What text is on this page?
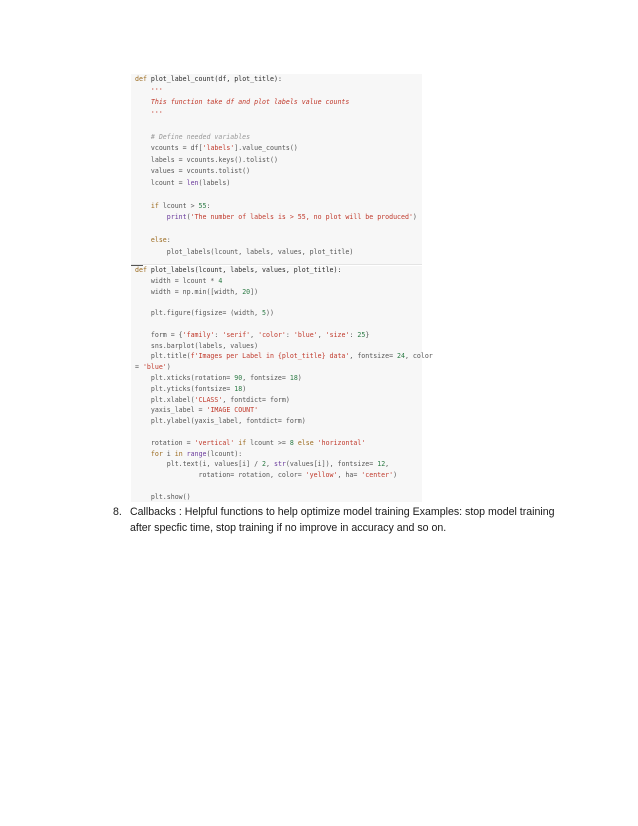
def plot_label_count(df, plot_title):
'''
This function take df and plot labels value counts
'''
# Define needed variables
vcounts = df['labels'].value_counts()
labels = vcounts.keys().tolist()
values = vcounts.tolist()
lcount = len(labels)
if lcount > 55:
print('The number of labels is > 55, no plot will be produced')
else:
plot_labels(lcount, labels, values, plot_title)
def plot_labels(lcount, labels, values, plot_title):
width = lcount * 4
width = np.min([width, 20])
plt.figure(figsize= (width, 5))
form = {'family': 'serif', 'color': 'blue', 'size': 25}
sns.barplot(labels, values)
plt.title(f'Images per Label in {plot_title} data', fontsize= 24, color
= 'blue')
plt.xticks(rotation= 90, fontsize= 18)
plt.yticks(fontsize= 18)
plt.xlabel('CLASS', fontdict= form)
yaxis_label = 'IMAGE COUNT'
plt.ylabel(yaxis_label, fontdict= form)
rotation = 'vertical' if lcount >= 8 else 'horizontal'
for i in range(lcount):
plt.text(i, values[i] / 2, str(values[i]), fontsize= 12,
rotation= rotation, color= 'yellow', ha= 'center')
plt.show()
8. Callbacks : Helpful functions to help optimize model training Examples: stop model training after specfic time, stop training if no improve in accuracy and so on.
